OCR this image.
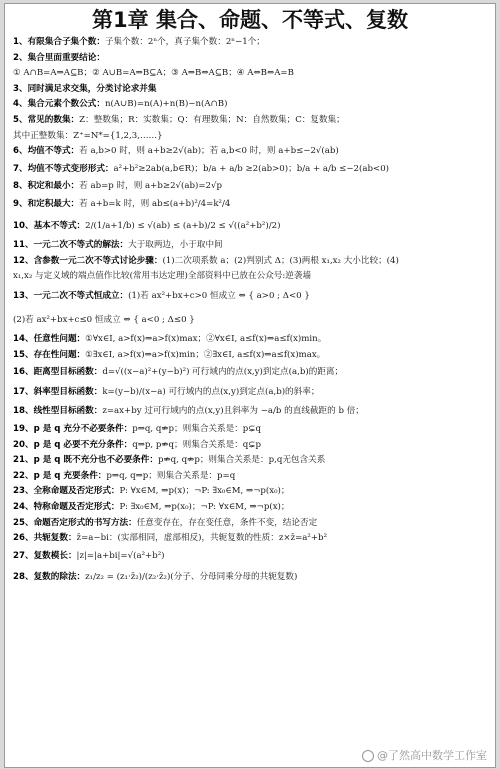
第1章 集合、命题、不等式、复数
1、有限集合子集个数：子集个数：2ⁿ个，真子集个数：2ⁿ−1个；
2、集合里面重要结论：
① A∩B=A⇒A⊆B；② A∪B=A⇒B⊆A；③ A⇒B⇔A⊆B；④ A⇔B⇔A=B
3、同时满足求交集，分类讨论求并集
4、集合元素个数公式：n(A∪B)=n(A)+n(B)−n(A∩B)
5、常见的数集：Z：整数集；R：实数集；Q：有理数集；N：自然数集；C：复数集；
其中正整数集：Z⁺=N*={1,2,3,……}
6、均值不等式：若 a,b>0 时，则 a+b≥2√(ab)；若 a,b<0 时，则 a+b≤−2√(ab)
7、均值不等式变形形式：a²+b²≥2ab(a,b∈R)；b/a + a/b ≥2(ab>0)；b/a + a/b ≤−2(ab<0)
8、积定和最小：若 ab=p 时，则 a+b≥2√(ab)=2√p
9、和定积最大：若 a+b=k 时，则 ab≤(a+b)²/4=k²/4
10、基本不等式：2/(1/a+1/b) ≤ √(ab) ≤ (a+b)/2 ≤ √((a²+b²)/2)
11、一元二次不等式的解法：大于取两边，小于取中间
12、含参数一元二次不等式讨论步骤：(1)二次项系数 a；(2)判别式 Δ；(3)两根 x₁,x₂ 大小比较；(4)
x₁,x₂ 与定义域的端点值作比较(常用韦达定理)全部资料中已放在公众号:逆袭墙
13、一元二次不等式恒成立：(1)若 ax²+bx+c>0 恒成立 ⇔ { a>0 ; Δ<0 }
(2)若 ax²+bx+c≤0 恒成立 ⇔ { a<0 ; Δ≤0 }
14、任意性问题：①∀x∈I, a>f(x)⇒a>f(x)max；②∀x∈I, a≤f(x)⇒a≤f(x)min。
15、存在性问题：①∃x∈I, a>f(x)⇒a>f(x)min；②∃x∈I, a≤f(x)⇒a≤f(x)max。
16、距离型目标函数：d=√((x−a)²+(y−b)²) 可行域内的点(x,y)到定点(a,b)的距离；
17、斜率型目标函数：k=(y−b)/(x−a) 可行域内的点(x,y)到定点(a,b)的斜率；
18、线性型目标函数：z=ax+by 过可行域内的点(x,y)且斜率为 −a/b 的直线截距的 b 倍；
19、p 是 q 充分不必要条件：p⇒q, q⇏p；则集合关系是：p⊊q
20、p 是 q 必要不充分条件：q⇒p, p⇏q；则集合关系是：q⊊p
21、p 是 q 既不充分也不必要条件：p⇏q, q⇏p；则集合关系是：p,q无包含关系
22、p 是 q 充要条件：p⇒q, q⇒p；则集合关系是：p=q
23、全称命题及否定形式：P: ∀x∈M, ⇒p(x)；¬P: ∃x₀∈M, ⇒¬p(x₀)；
24、特称命题及否定形式：P: ∃x₀∈M, ⇒p(x₀)；¬P: ∀x∈M, ⇒¬p(x)；
25、命题否定形式的书写方法：任意变存在，存在变任意，条件不变，结论否定
26、共轭复数：z̄=a−bi：(实部相同，虚部相反)，共轭复数的性质：z×z̄=a²+b²
27、复数模长：|z|=|a+bi|=√(a²+b²)
28、复数的除法：z₁/z₂ = (z₁·z̄₂)/(z₂·z̄₂)(分子、分母同乘分母的共轭复数)
@了然高中数学工作室
